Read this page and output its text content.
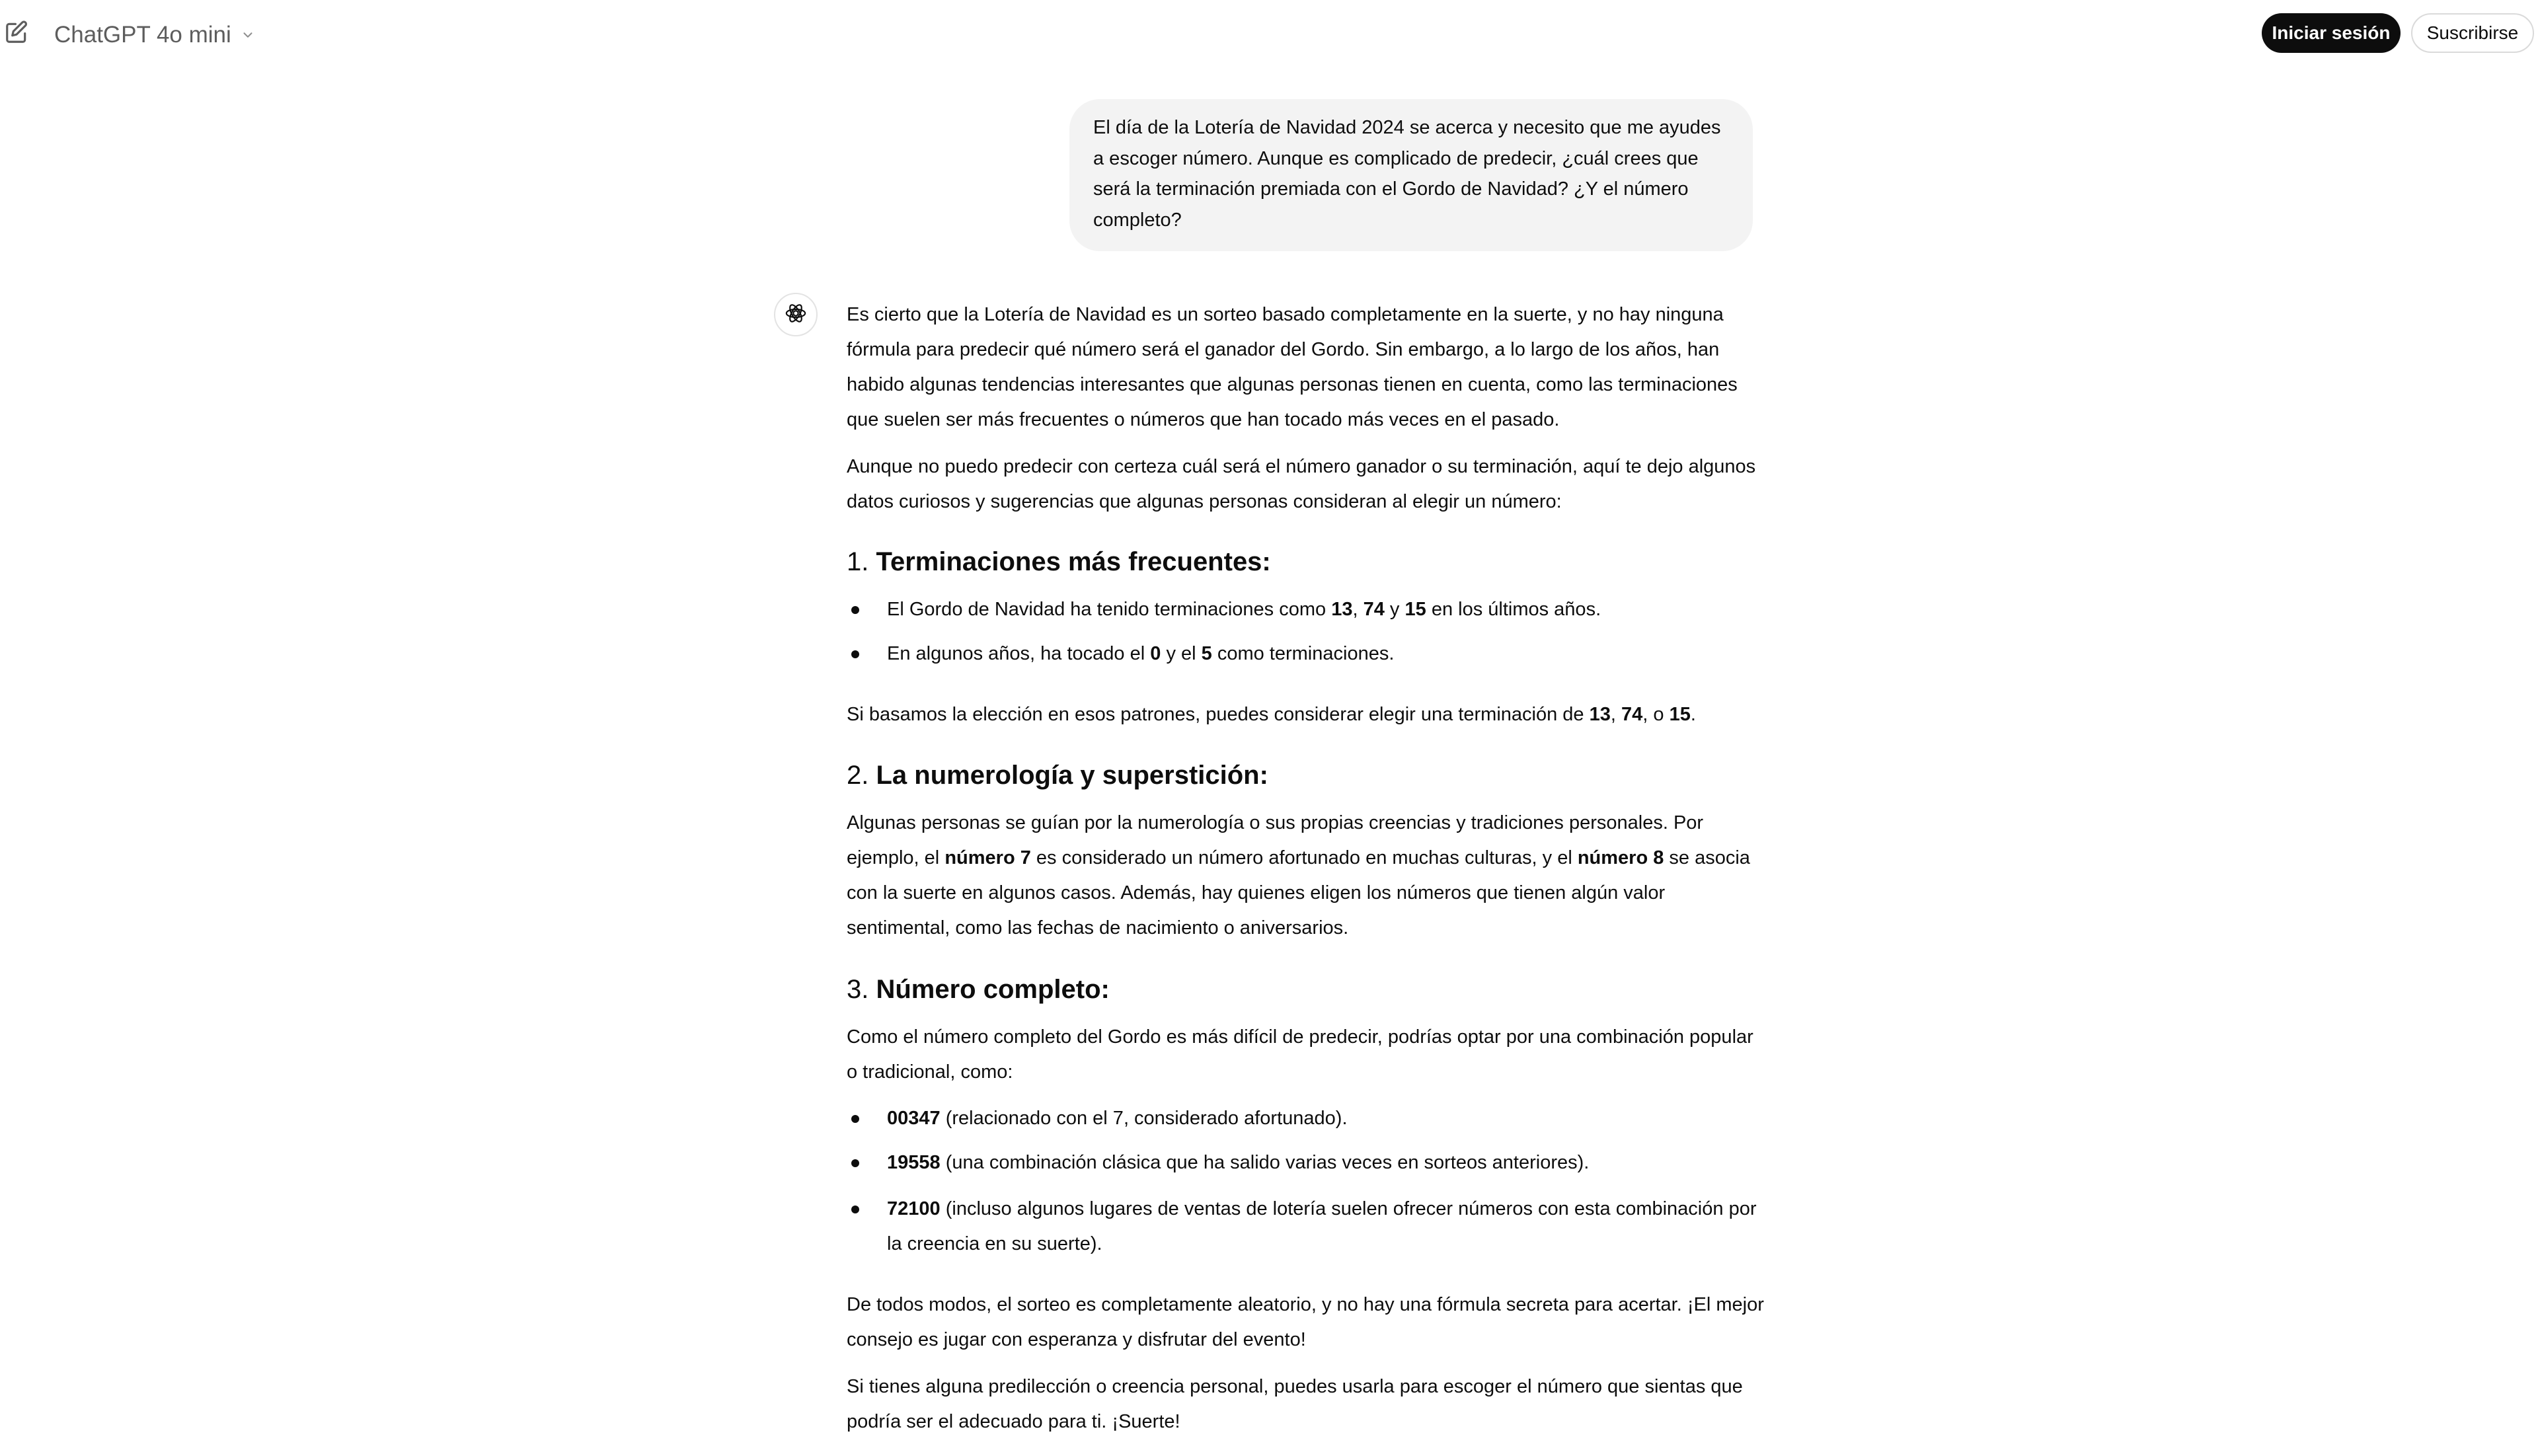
ChatGPT 4o mini	Iniciar sesión	Suscribirse
El día de la Lotería de Navidad 2024 se acerca y necesito que me ayudes a escoger número. Aunque es complicado de predecir, ¿cuál crees que será la terminación premiada con el Gordo de Navidad? ¿Y el número completo?

Es cierto que la Lotería de Navidad es un sorteo basado completamente en la suerte, y no hay ninguna fórmula para predecir qué número será el ganador del Gordo. Sin embargo, a lo largo de los años, han habido algunas tendencias interesantes que algunas personas tienen en cuenta, como las terminaciones que suelen ser más frecuentes o números que han tocado más veces en el pasado.

Aunque no puedo predecir con certeza cuál será el número ganador o su terminación, aquí te dejo algunos datos curiosos y sugerencias que algunas personas consideran al elegir un número:

1. Terminaciones más frecuentes:
El Gordo de Navidad ha tenido terminaciones como 13, 74 y 15 en los últimos años.
En algunos años, ha tocado el 0 y el 5 como terminaciones.

Si basamos la elección en esos patrones, puedes considerar elegir una terminación de 13, 74, o 15.

2. La numerología y superstición:

Algunas personas se guían por la numerología o sus propias creencias y tradiciones personales. Por ejemplo, el número 7 es considerado un número afortunado en muchas culturas, y el número 8 se asocia con la suerte en algunos casos. Además, hay quienes eligen los números que tienen algún valor sentimental, como las fechas de nacimiento o aniversarios.

3. Número completo:

Como el número completo del Gordo es más difícil de predecir, podrías optar por una combinación popular o tradicional, como:

00347 (relacionado con el 7, considerado afortunado).
19558 (una combinación clásica que ha salido varias veces en sorteos anteriores).
72100 (incluso algunos lugares de ventas de lotería suelen ofrecer números con esta combinación por la creencia en su suerte).

De todos modos, el sorteo es completamente aleatorio, y no hay una fórmula secreta para acertar. ¡El mejor consejo es jugar con esperanza y disfrutar del evento!

Si tienes alguna predilección o creencia personal, puedes usarla para escoger el número que sientas que podría ser el adecuado para ti. ¡Suerte!
